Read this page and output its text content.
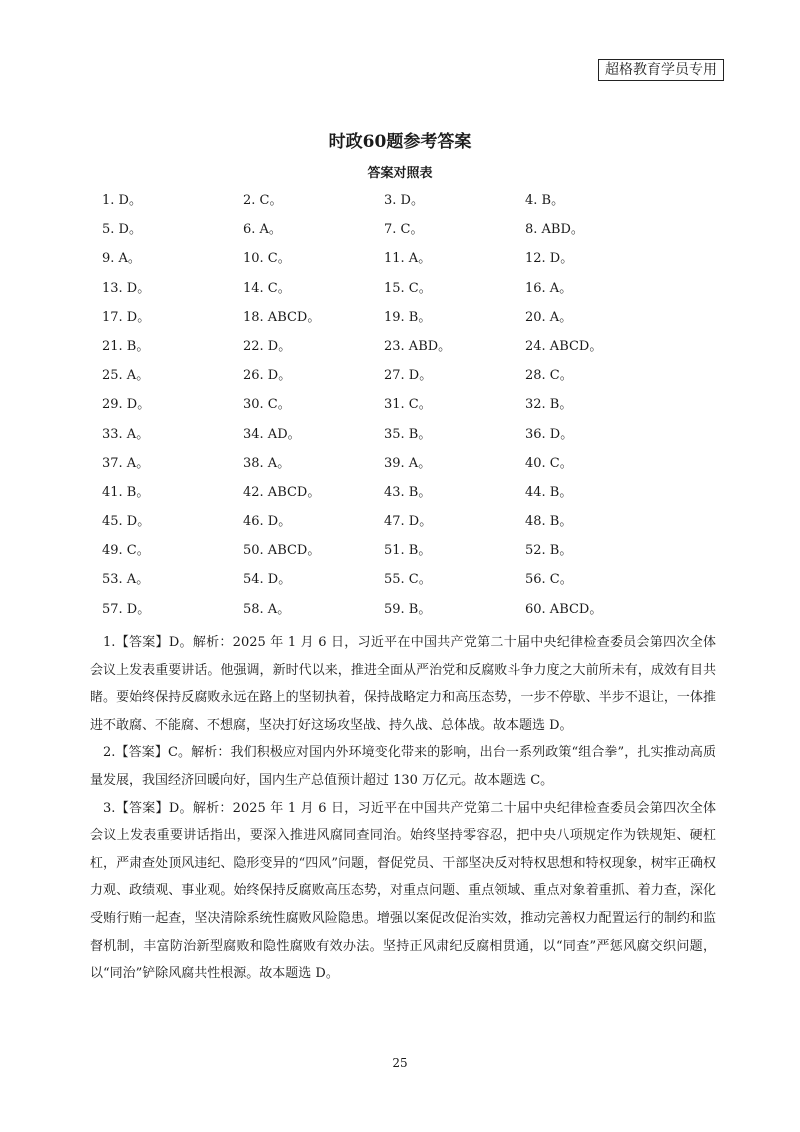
超格教育学员专用
时政60题参考答案
答案对照表
1. D。	2. C。	3. D。	4. B。
5. D。	6. A。	7. C。	8. ABD。
9. A。	10. C。	11. A。	12. D。
13. D。	14. C。	15. C。	16. A。
17. D。	18. ABCD。	19. B。	20. A。
21. B。	22. D。	23. ABD。	24. ABCD。
25. A。	26. D。	27. D。	28. C。
29. D。	30. C。	31. C。	32. B。
33. A。	34. AD。	35. B。	36. D。
37. A。	38. A。	39. A。	40. C。
41. B。	42. ABCD。	43. B。	44. B。
45. D。	46. D。	47. D。	48. B。
49. C。	50. ABCD。	51. B。	52. B。
53. A。	54. D。	55. C。	56. C。
57. D。	58. A。	59. B。	60. ABCD。

1.【答案】D。解析：2025 年 1 月 6 日，习近平在中国共产党第二十届中央纪律检查委员会第四次全体会议上发表重要讲话。他强调，新时代以来，推进全面从严治党和反腐败斗争力度之大前所未有，成效有目共睹。要始终保持反腐败永远在路上的坚韧执着，保持战略定力和高压态势，一步不停歇、半步不退让，一体推进不敢腐、不能腐、不想腐，坚决打好这场攻坚战、持久战、总体战。故本题选 D。

2.【答案】C。解析：我们积极应对国内外环境变化带来的影响，出台一系列政策“组合拳”，扎实推动高质量发展，我国经济回暖向好，国内生产总值预计超过 130 万亿元。故本题选 C。

3.【答案】D。解析：2025 年 1 月 6 日，习近平在中国共产党第二十届中央纪律检查委员会第四次全体会议上发表重要讲话指出，要深入推进风腐同查同治。始终坚持零容忍，把中央八项规定作为铁规矩、硬杠杠，严肃查处顶风违纪、隐形变异的“四风”问题，督促党员、干部坚决反对特权思想和特权现象，树牢正确权力观、政绩观、事业观。始终保持反腐败高压态势，对重点问题、重点领域、重点对象着重抓、着力查，深化受贿行贿一起查，坚决清除系统性腐败风险隐患。增强以案促改促治实效，推动完善权力配置运行的制约和监督机制，丰富防治新型腐败和隐性腐败有效办法。坚持正风肃纪反腐相贯通，以“同查”严惩风腐交织问题，以“同治”铲除风腐共性根源。故本题选 D。

25
